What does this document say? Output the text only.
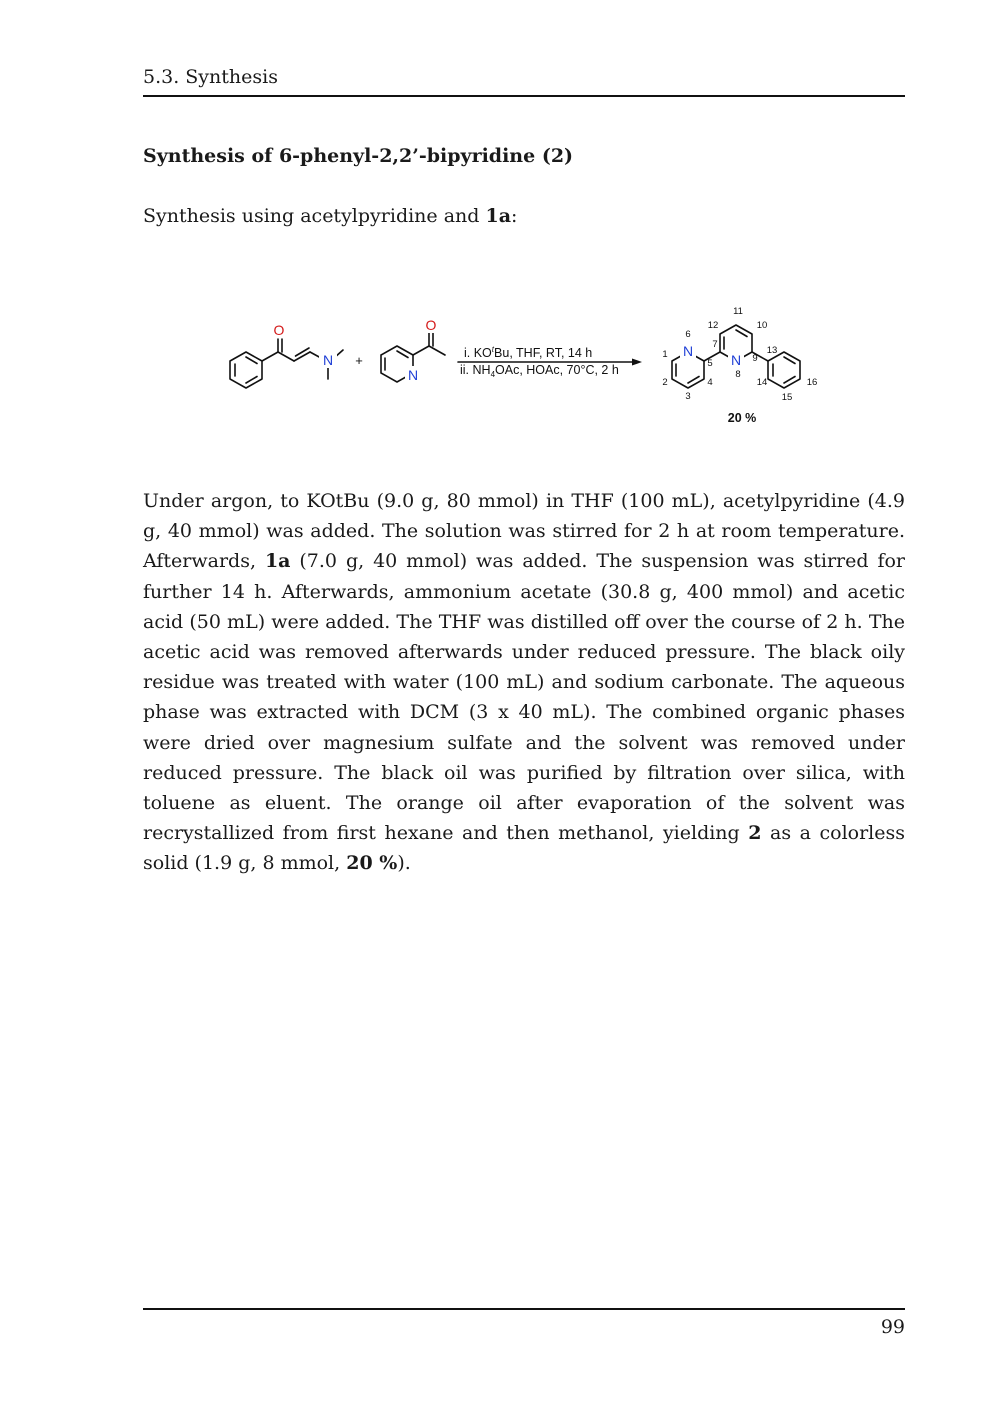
5.3. Synthesis
Synthesis of 6-phenyl-2,2’-bipyridine (2)
Synthesis using acetylpyridine and 1a:
O
N
N
O
+	i. $KO^tBu$, THF, RT, 14 h
ii. $NH_4OAc$, HOAc, 70°C, 2 h
N
N
1
2
3
4
5
6
7
8
9
10
11
12
13
14
15
16
20 %
Under argon, to KOtBu (9.0 g, 80 mmol) in THF (100 mL), acetylpyridine (4.9 g, 40 mmol) was added. The solution was stirred for 2 h at room temperature. Afterwards, 1a (7.0 g, 40 mmol) was added. The suspension was stirred for further 14 h. Afterwards, ammonium acetate (30.8 g, 400 mmol) and acetic acid (50 mL) were added. The THF was distilled off over the course of 2 h. The acetic acid was removed afterwards under reduced pressure. The black oily residue was treated with water (100 mL) and sodium carbonate. The aqueous phase was extracted with DCM (3 x 40 mL). The combined organic phases were dried over magnesium sulfate and the solvent was removed under reduced pressure. The black oil was purified by filtration over silica, with toluene as eluent. The orange oil after evaporation of the solvent was recrystallized from first hexane and then methanol, yielding 2 as a colorless solid (1.9 g, 8 mmol, 20 %).
99
